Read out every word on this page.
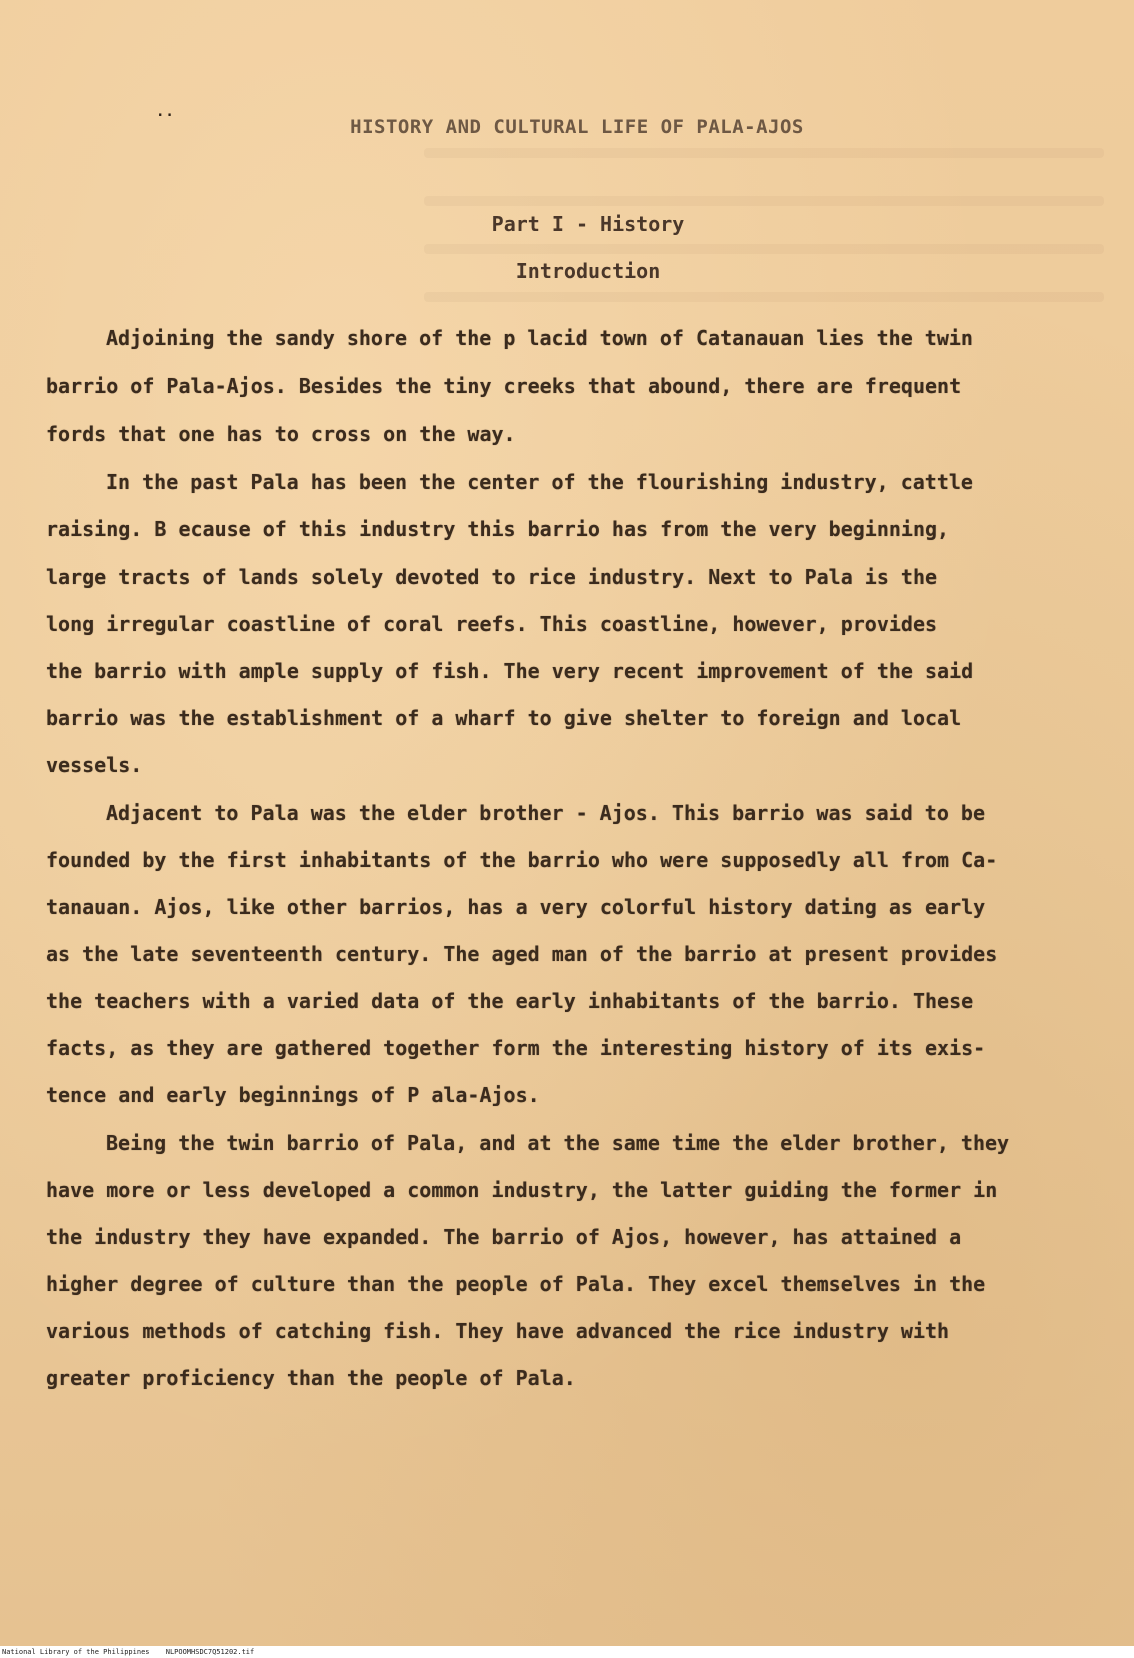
..
HISTORY AND CULTURAL LIFE OF PALA-AJOS
Part I - History
Introduction
Adjoining the sandy shore of the p lacid town of Catanauan lies the twin
barrio of Pala-Ajos. Besides the tiny creeks that abound, there are frequent
fords that one has to cross on the way.
In the past Pala has been the center of the flourishing industry, cattle
raising. B ecause of this industry this barrio has from the very beginning,
large tracts of lands solely devoted to rice industry. Next to Pala is the
long irregular coastline of coral reefs. This coastline, however, provides
the barrio with ample supply of fish. The very recent improvement of the said
barrio was the establishment of a wharf to give shelter to foreign and local
vessels.
Adjacent to Pala was the elder brother - Ajos. This barrio was said to be
founded by the first inhabitants of the barrio who were supposedly all from Ca-
tanauan. Ajos, like other barrios, has a very colorful history dating as early
as the late seventeenth century. The aged man of the barrio at present provides
the teachers with a varied data of the early inhabitants of the barrio. These
facts, as they are gathered together form the interesting history of its exis-
tence and early beginnings of P ala-Ajos.
Being the twin barrio of Pala, and at the same time the elder brother, they
have more or less developed a common industry, the latter guiding the former in
the industry they have expanded. The barrio of Ajos, however, has attained a
higher degree of culture than the people of Pala. They excel themselves in the
various methods of catching fish. They have advanced the rice industry with
greater proficiency than the people of Pala.
National Library of the Philippines NLPOOMHSDC7Q51202.tif
